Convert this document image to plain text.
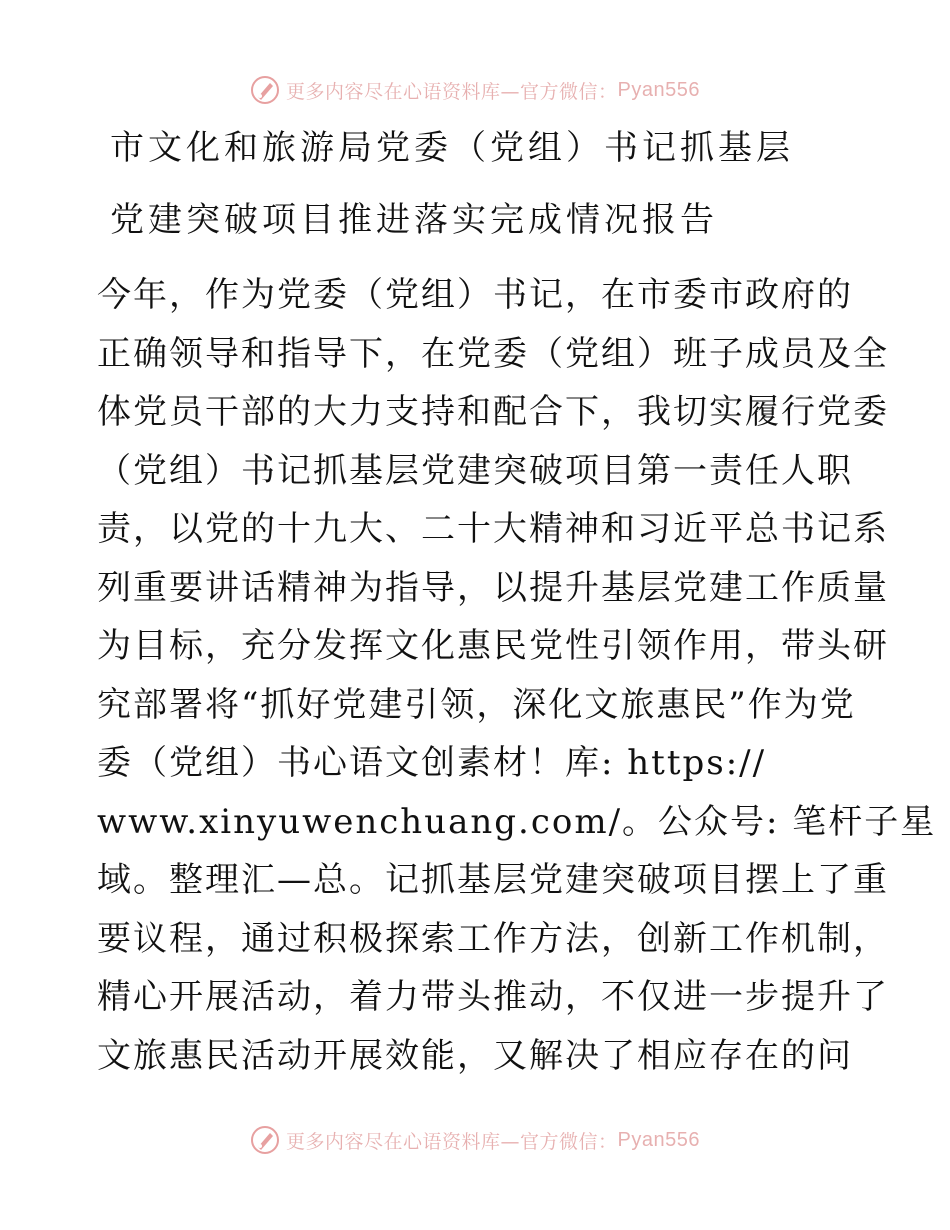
更多内容尽在心语资料库—官方微信： Pyan556
市文化和旅游局党委（党组）书记抓基层
党建突破项目推进落实完成情况报告
今年，作为党委（党组）书记，在市委市政府的
正确领导和指导下，在党委（党组）班子成员及全
体党员干部的大力支持和配合下，我切实履行党委
（党组）书记抓基层党建突破项目第一责任人职
责，以党的十九大、二十大精神和习近平总书记系
列重要讲话精神为指导，以提升基层党建工作质量
为目标，充分发挥文化惠民党性引领作用，带头研
究部署将“抓好党建引领，深化文旅惠民”作为党
委（党组）书心语文创素材！库: https://
www.xinyuwenchuang.com/。公众号: 笔杆子星
域。整理汇—总。记抓基层党建突破项目摆上了重
要议程，通过积极探索工作方法，创新工作机制，
精心开展活动，着力带头推动，不仅进一步提升了
文旅惠民活动开展效能，又解决了相应存在的问
更多内容尽在心语资料库—官方微信： Pyan556
